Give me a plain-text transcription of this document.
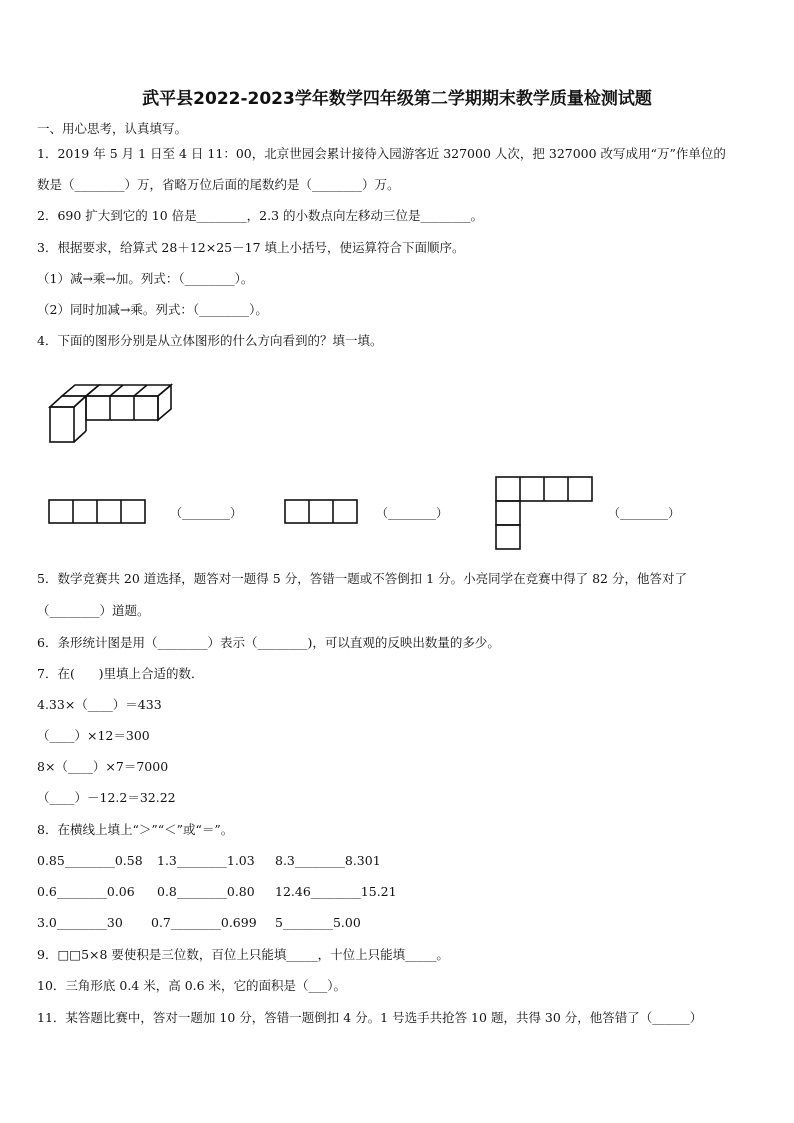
武平县2022-2023学年数学四年级第二学期期末教学质量检测试题
一、用心思考，认真填写。
1．2019 年 5 月 1 日至 4 日 11：00，北京世园会累计接待入园游客近 327000 人次，把 327000 改写成用“万”作单位的
数是（________）万，省略万位后面的尾数约是（________）万。
2．690 扩大到它的 10 倍是________，2.3 的小数点向左移动三位是________。
3．根据要求，给算式 28＋12×25－17 填上小括号，使运算符合下面顺序。
（1）减→乘→加。列式：（________）。
（2）同时加减→乘。列式：（________）。
4．下面的图形分别是从立体图形的什么方向看到的？填一填。
（________）	（________）	（________）
5．数学竞赛共 20 道选择，题答对一题得 5 分，答错一题或不答倒扣 1 分。小亮同学在竞赛中得了 82 分，他答对了
（________）道题。
6．条形统计图是用（________）表示（________)，可以直观的反映出数量的多少。
7．在(      )里填上合适的数．
4.33×（____）＝433
（____）×12＝300
8×（____）×7＝7000
（____）－12.2＝32.22
8．在横线上填上“＞”“＜”或“＝”。
0.85________0.58 1.3________1.03 8.3________8.301
0.6________0.06 0.8________0.80 12.46________15.21
3.0________30 0.7________0.699 5________5.00
9．□□5×8 要使积是三位数，百位上只能填_____，十位上只能填_____。
10．三角形底 0.4 米，高 0.6 米，它的面积是（___）。
11．某答题比赛中，答对一题加 10 分，答错一题倒扣 4 分。1 号选手共抢答 10 题，共得 30 分，他答错了（______）
